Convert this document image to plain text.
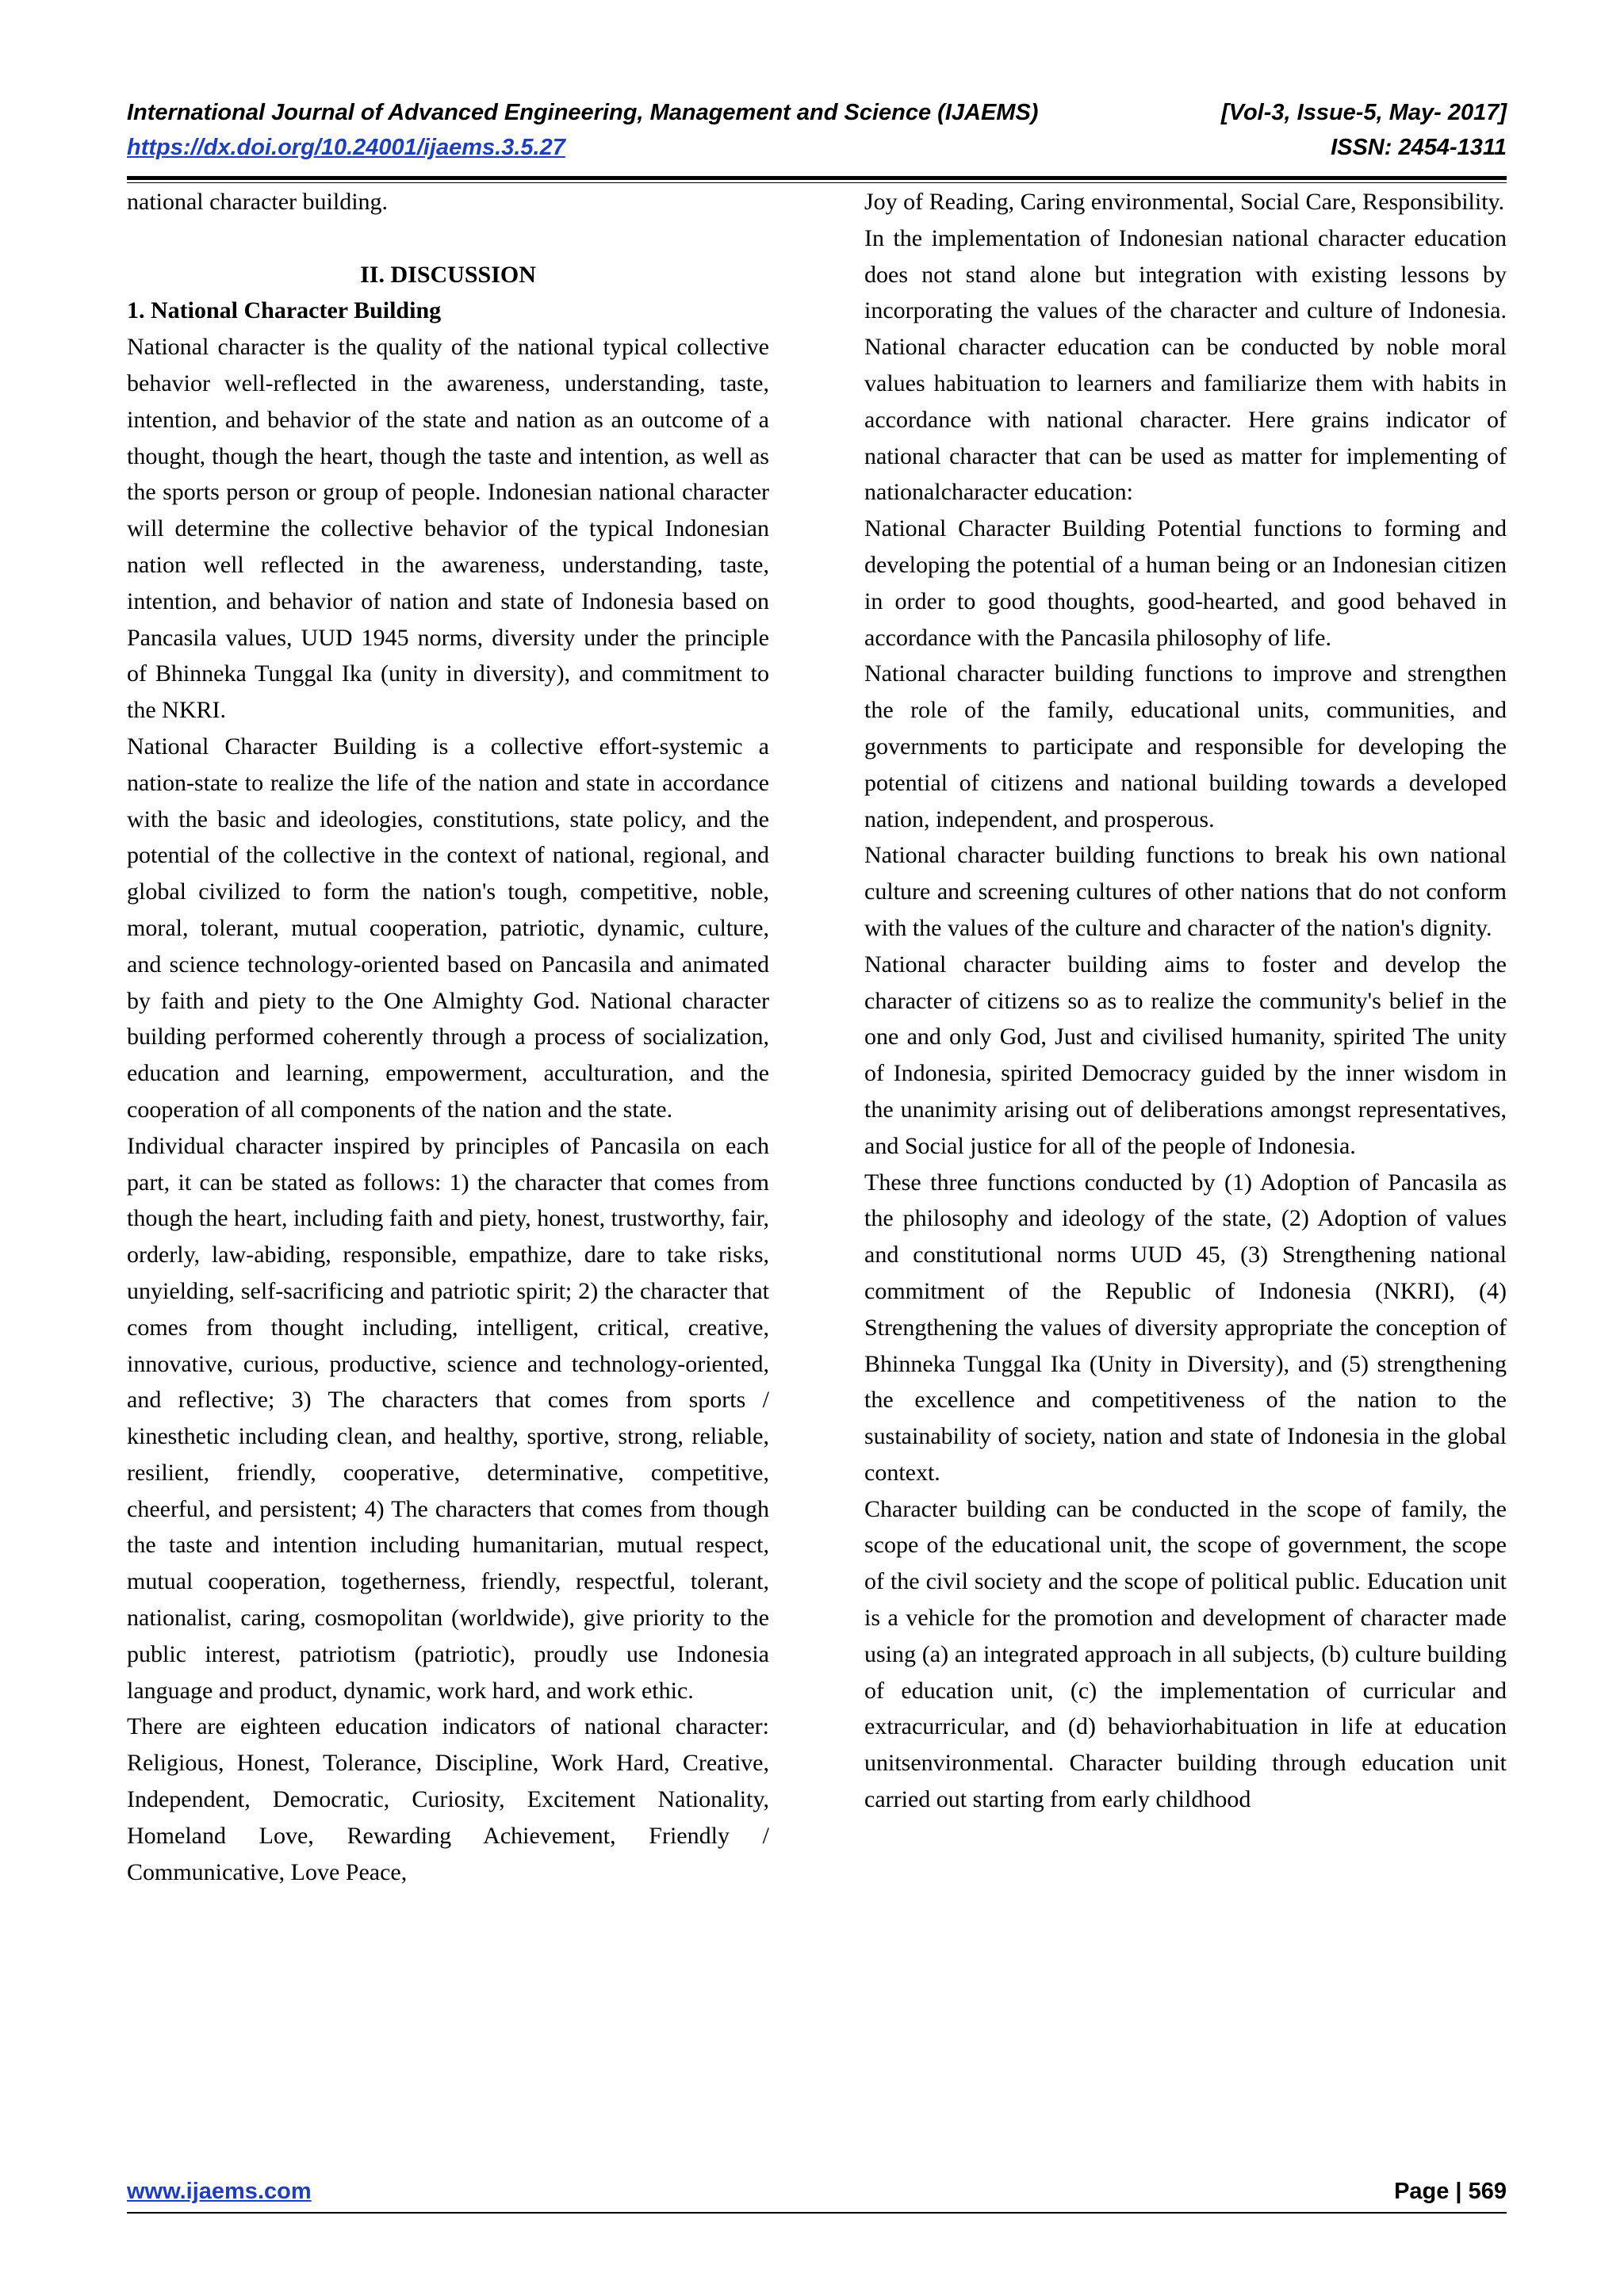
International Journal of Advanced Engineering, Management and Science (IJAEMS)	[Vol-3, Issue-5, May- 2017]
https://dx.doi.org/10.24001/ijaems.3.5.27	ISSN: 2454-1311

national character building.

II. DISCUSSION

1. National Character Building

National character is the quality of the national typical collective behavior well-reflected in the awareness, understanding, taste, intention, and behavior of the state and nation as an outcome of a thought, though the heart, though the taste and intention, as well as the sports person or group of people. Indonesian national character will determine the collective behavior of the typical Indonesian nation well reflected in the awareness, understanding, taste, intention, and behavior of nation and state of Indonesia based on Pancasila values, UUD 1945 norms, diversity under the principle of Bhinneka Tunggal Ika (unity in diversity), and commitment to the NKRI.

National Character Building is a collective effort-systemic a nation-state to realize the life of the nation and state in accordance with the basic and ideologies, constitutions, state policy, and the potential of the collective in the context of national, regional, and global civilized to form the nation's tough, competitive, noble, moral, tolerant, mutual cooperation, patriotic, dynamic, culture, and science technology-oriented based on Pancasila and animated by faith and piety to the One Almighty God. National character building performed coherently through a process of socialization, education and learning, empowerment, acculturation, and the cooperation of all components of the nation and the state.

Individual character inspired by principles of Pancasila on each part, it can be stated as follows: 1) the character that comes from though the heart, including faith and piety, honest, trustworthy, fair, orderly, law-abiding, responsible, empathize, dare to take risks, unyielding, self-sacrificing and patriotic spirit; 2) the character that comes from thought including, intelligent, critical, creative, innovative, curious, productive, science and technology-oriented, and reflective; 3) The characters that comes from sports / kinesthetic including clean, and healthy, sportive, strong, reliable, resilient, friendly, cooperative, determinative, competitive, cheerful, and persistent; 4) The characters that comes from though the taste and intention including humanitarian, mutual respect, mutual cooperation, togetherness, friendly, respectful, tolerant, nationalist, caring, cosmopolitan (worldwide), give priority to the public interest, patriotism (patriotic), proudly use Indonesia language and product, dynamic, work hard, and work ethic.

There are eighteen education indicators of national character: Religious, Honest, Tolerance, Discipline, Work Hard, Creative, Independent, Democratic, Curiosity, Excitement Nationality, Homeland Love, Rewarding Achievement, Friendly / Communicative, Love Peace,

Joy of Reading, Caring environmental, Social Care, Responsibility.

In the implementation of Indonesian national character education does not stand alone but integration with existing lessons by incorporating the values of the character and culture of Indonesia. National character education can be conducted by noble moral values habituation to learners and familiarize them with habits in accordance with national character. Here grains indicator of national character that can be used as matter for implementing of nationalcharacter education:

National Character Building Potential functions to forming and developing the potential of a human being or an Indonesian citizen in order to good thoughts, good-hearted, and good behaved in accordance with the Pancasila philosophy of life.

National character building functions to improve and strengthen the role of the family, educational units, communities, and governments to participate and responsible for developing the potential of citizens and national building towards a developed nation, independent, and prosperous.

National character building functions to break his own national culture and screening cultures of other nations that do not conform with the values of the culture and character of the nation's dignity.

National character building aims to foster and develop the character of citizens so as to realize the community's belief in the one and only God, Just and civilised humanity, spirited The unity of Indonesia, spirited Democracy guided by the inner wisdom in the unanimity arising out of deliberations amongst representatives, and Social justice for all of the people of Indonesia.

These three functions conducted by (1) Adoption of Pancasila as the philosophy and ideology of the state, (2) Adoption of values and constitutional norms UUD 45, (3) Strengthening national commitment of the Republic of Indonesia (NKRI), (4) Strengthening the values of diversity appropriate the conception of Bhinneka Tunggal Ika (Unity in Diversity), and (5) strengthening the excellence and competitiveness of the nation to the sustainability of society, nation and state of Indonesia in the global context.

Character building can be conducted in the scope of family, the scope of the educational unit, the scope of government, the scope of the civil society and the scope of political public. Education unit is a vehicle for the promotion and development of character made using (a) an integrated approach in all subjects, (b) culture building of education unit, (c) the implementation of curricular and extracurricular, and (d) behaviorhabituation in life at education unitsenvironmental. Character building through education unit carried out starting from early childhood

www.ijaems.com	Page | 569
